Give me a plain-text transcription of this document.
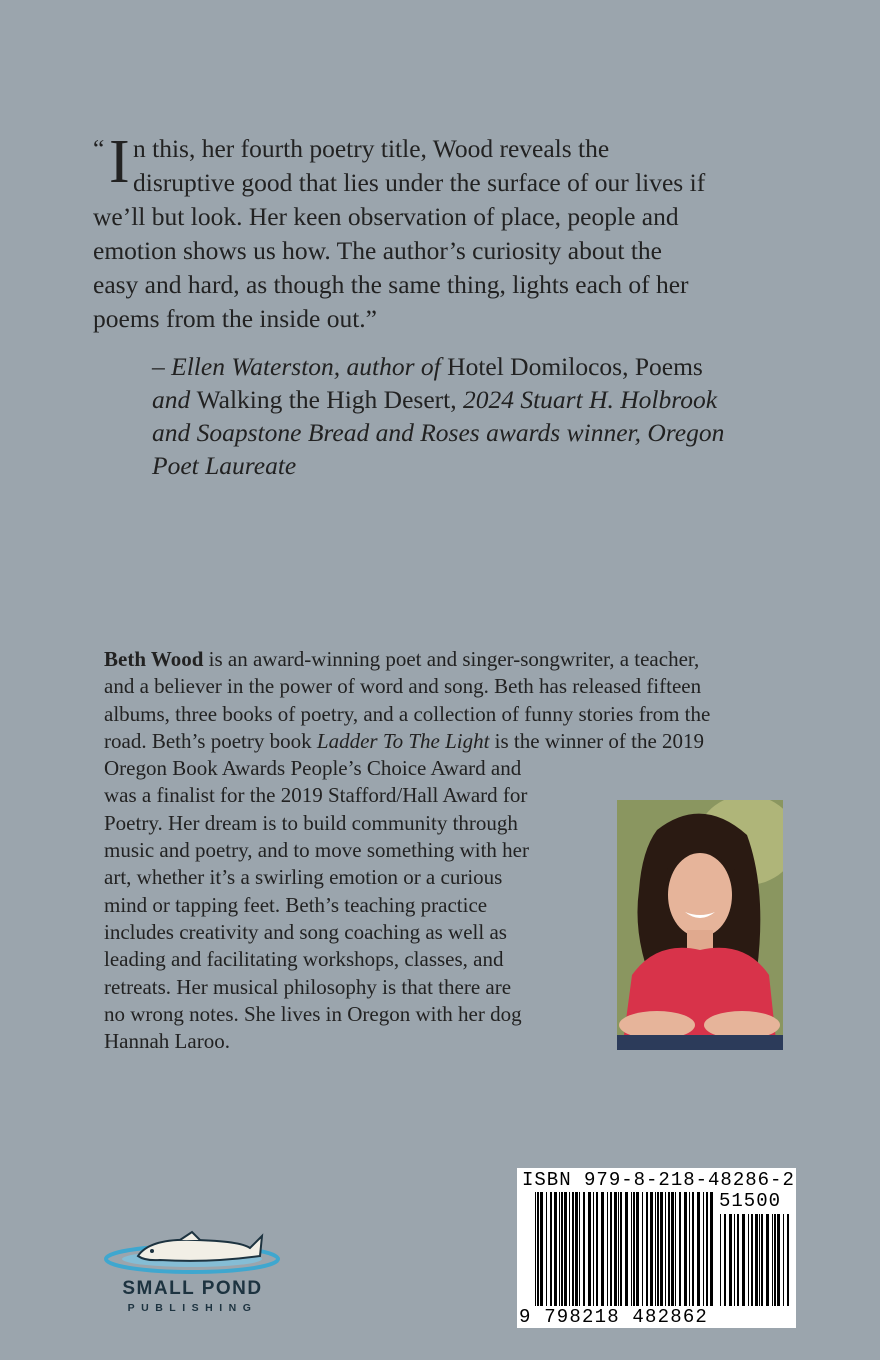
“ I n this, her fourth poetry title, Wood reveals the
disruptive good that lies under the surface of our lives if
we’ll but look. Her keen observation of place, people and
emotion shows us how. The author’s curiosity about the
easy and hard, as though the same thing, lights each of her
poems from the inside out.”
– Ellen Waterston, author of Hotel Domilocos, Poems
and Walking the High Desert, 2024 Stuart H. Holbrook
and Soapstone Bread and Roses awards winner, Oregon
Poet Laureate
Beth Wood is an award-winning poet and singer-songwriter, a teacher,
and a believer in the power of word and song. Beth has released fifteen
albums, three books of poetry, and a collection of funny stories from the
road. Beth’s poetry book Ladder To The Light is the winner of the 2019
Oregon Book Awards People’s Choice Award and
was a finalist for the 2019 Stafford/Hall Award for
Poetry. Her dream is to build community through
music and poetry, and to move something with her
art, whether it’s a swirling emotion or a curious
mind or tapping feet. Beth’s teaching practice
includes creativity and song coaching as well as
leading and facilitating workshops, classes, and
retreats. Her musical philosophy is that there are
no wrong notes. She lives in Oregon with her dog
Hannah Laroo.
SMALL POND
PUBLISHING
ISBN 979-8-218-48286-2
51500
9 798218 482862
